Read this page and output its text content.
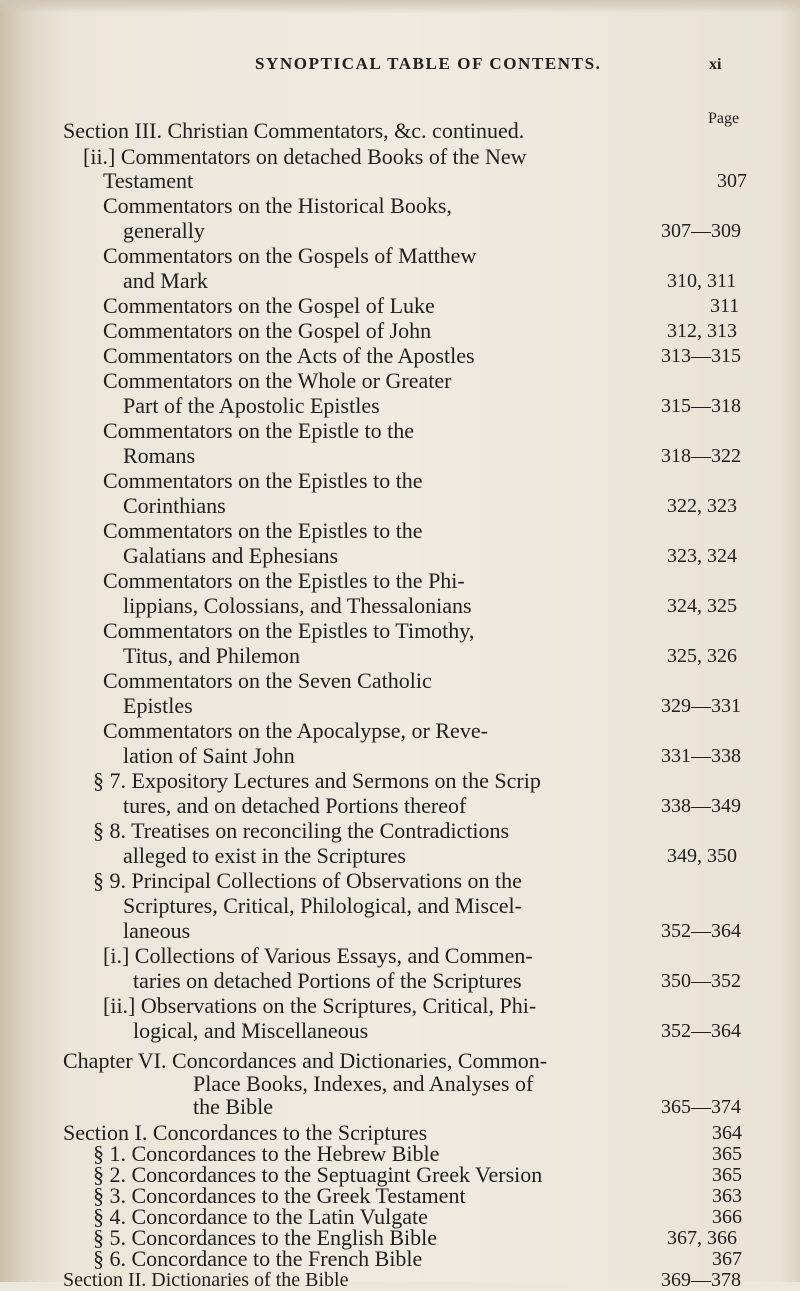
SYNOPTICAL TABLE OF CONTENTS.	xi
Page
Section III. Christian Commentators, &c. continued.
[ii.] Commentators on detached Books of the New
Testament	307
Commentators on the Historical Books,
generally	307—309
Commentators on the Gospels of Matthew
and Mark	310, 311
Commentators on the Gospel of Luke	311
Commentators on the Gospel of John	312, 313
Commentators on the Acts of the Apostles	313—315
Commentators on the Whole or Greater
Part of the Apostolic Epistles	315—318
Commentators on the Epistle to the
Romans	318—322
Commentators on the Epistles to the
Corinthians	322, 323
Commentators on the Epistles to the
Galatians and Ephesians	323, 324
Commentators on the Epistles to the Phi-
lippians, Colossians, and Thessalonians	324, 325
Commentators on the Epistles to Timothy,
Titus, and Philemon	325, 326
Commentators on the Seven Catholic
Epistles	329—331
Commentators on the Apocalypse, or Reve-
lation of Saint John	331—338
§ 7. Expository Lectures and Sermons on the Scrip
tures, and on detached Portions thereof	338—349
§ 8. Treatises on reconciling the Contradictions
alleged to exist in the Scriptures	349, 350
§ 9. Principal Collections of Observations on the
Scriptures, Critical, Philological, and Miscel-
laneous	352—364
[i.] Collections of Various Essays, and Commen-
taries on detached Portions of the Scriptures	350—352
[ii.] Observations on the Scriptures, Critical, Phi-
logical, and Miscellaneous	352—364
Chapter VI. Concordances and Dictionaries, Common-
Place Books, Indexes, and Analyses of
the Bible	365—374
Section I. Concordances to the Scriptures	364
§ 1. Concordances to the Hebrew Bible	365
§ 2. Concordances to the Septuagint Greek Version	365
§ 3. Concordances to the Greek Testament	363
§ 4. Concordance to the Latin Vulgate	366
§ 5. Concordances to the English Bible	367, 366
§ 6. Concordance to the French Bible	367
Section II. Dictionaries of the Bible	369—378
